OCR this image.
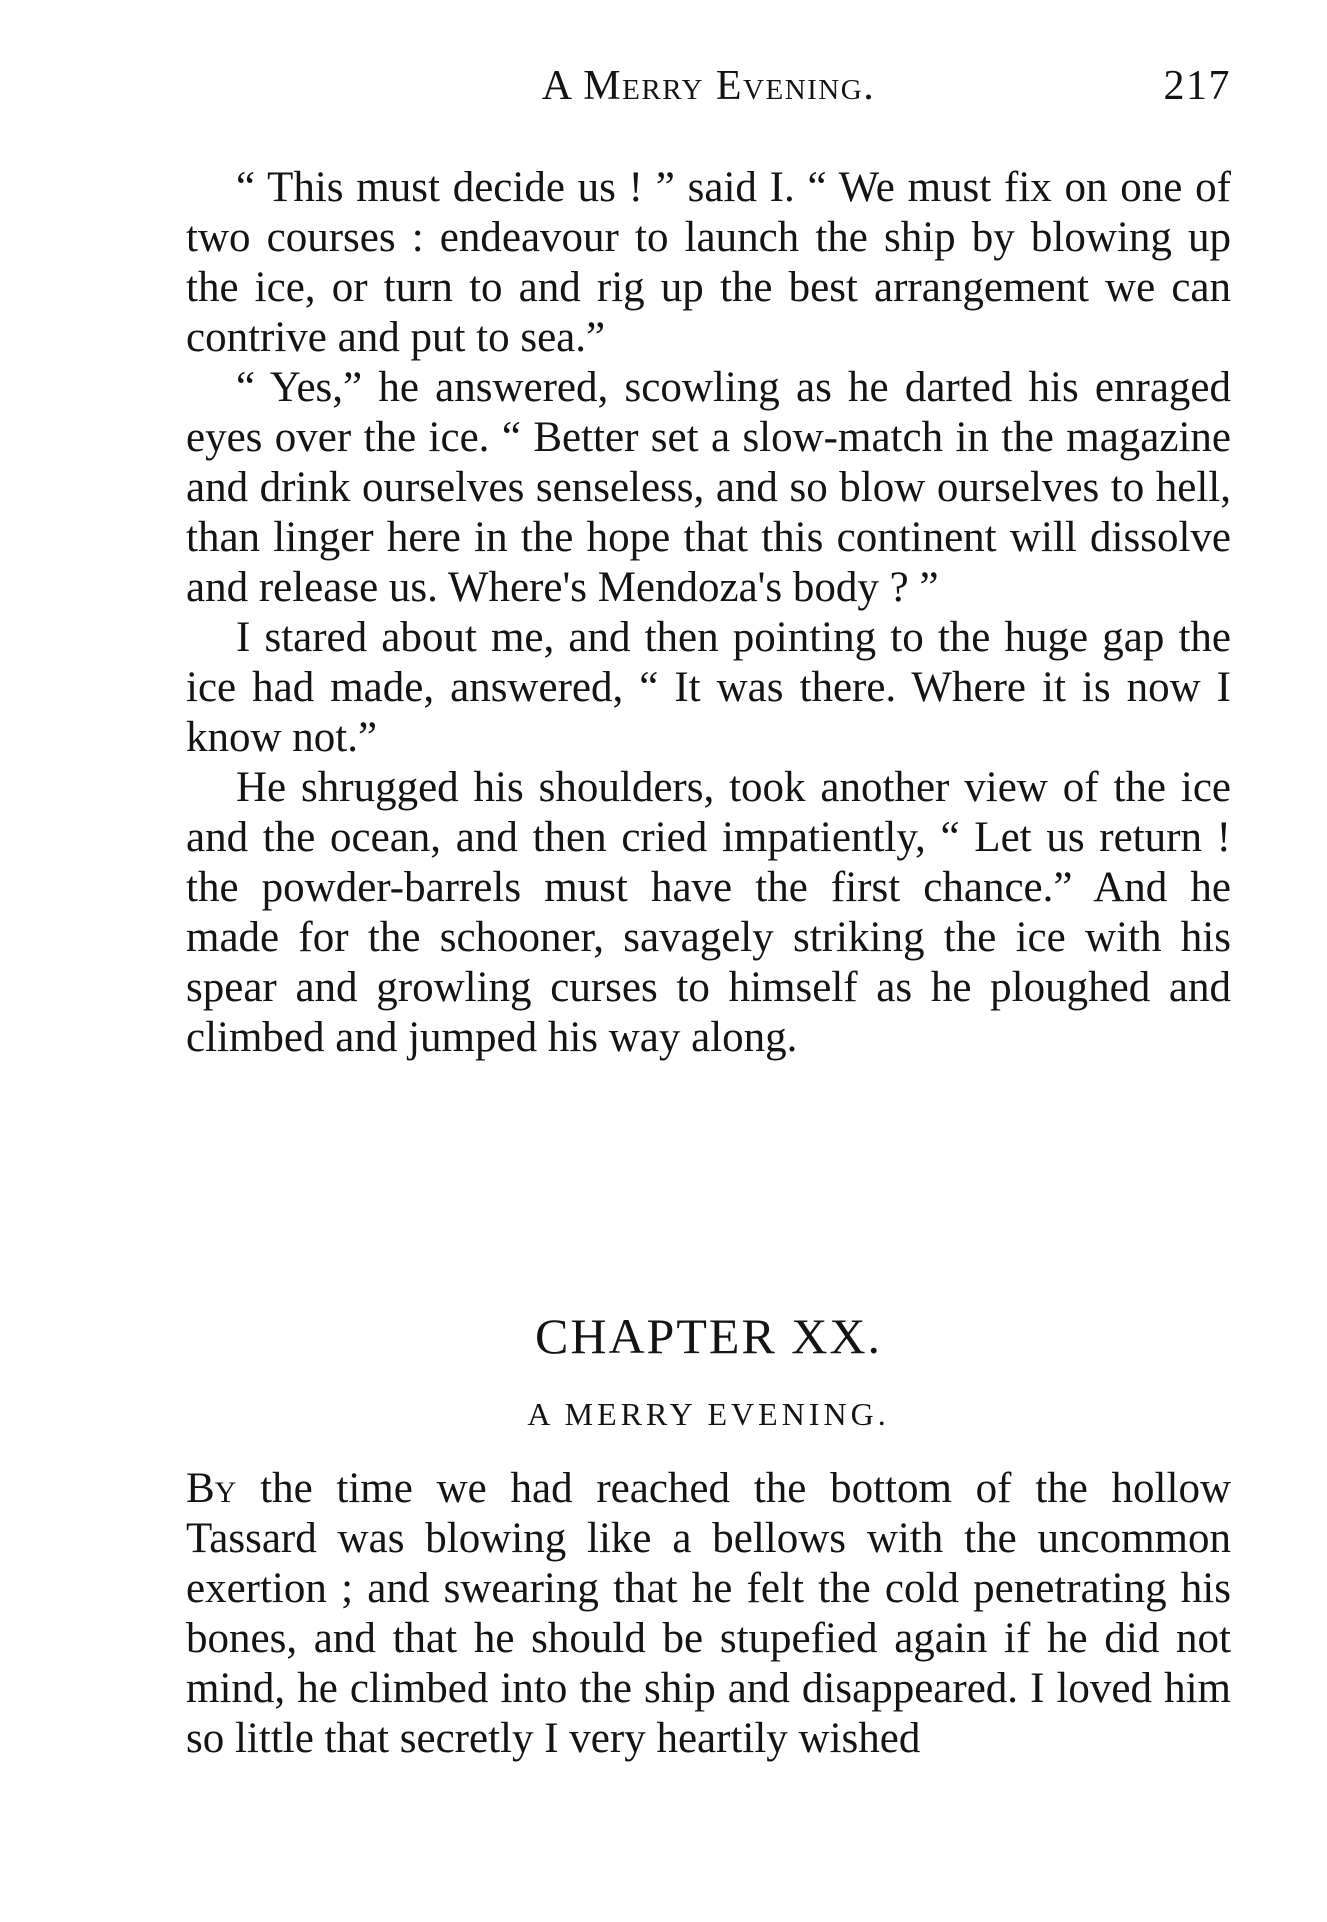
A Merry Evening.	217

“ This must decide us ! ” said I. “ We must fix on one of two courses : endeavour to launch the ship by blowing up the ice, or turn to and rig up the best arrangement we can contrive and put to sea.”

“ Yes,” he answered, scowling as he darted his enraged eyes over the ice. “ Better set a slow-match in the magazine and drink ourselves senseless, and so blow ourselves to hell, than linger here in the hope that this continent will dissolve and release us. Where's Mendoza's body ? ”

I stared about me, and then pointing to the huge gap the ice had made, answered, “ It was there. Where it is now I know not.”

He shrugged his shoulders, took another view of the ice and the ocean, and then cried impatiently, “ Let us return ! the powder-barrels must have the first chance.” And he made for the schooner, savagely striking the ice with his spear and growling curses to himself as he ploughed and climbed and jumped his way along.

CHAPTER XX.
A MERRY EVENING.

By the time we had reached the bottom of the hollow Tassard was blowing like a bellows with the uncommon exertion ; and swearing that he felt the cold penetrating his bones, and that he should be stupefied again if he did not mind, he climbed into the ship and disappeared. I loved him so little that secretly I very heartily wished
